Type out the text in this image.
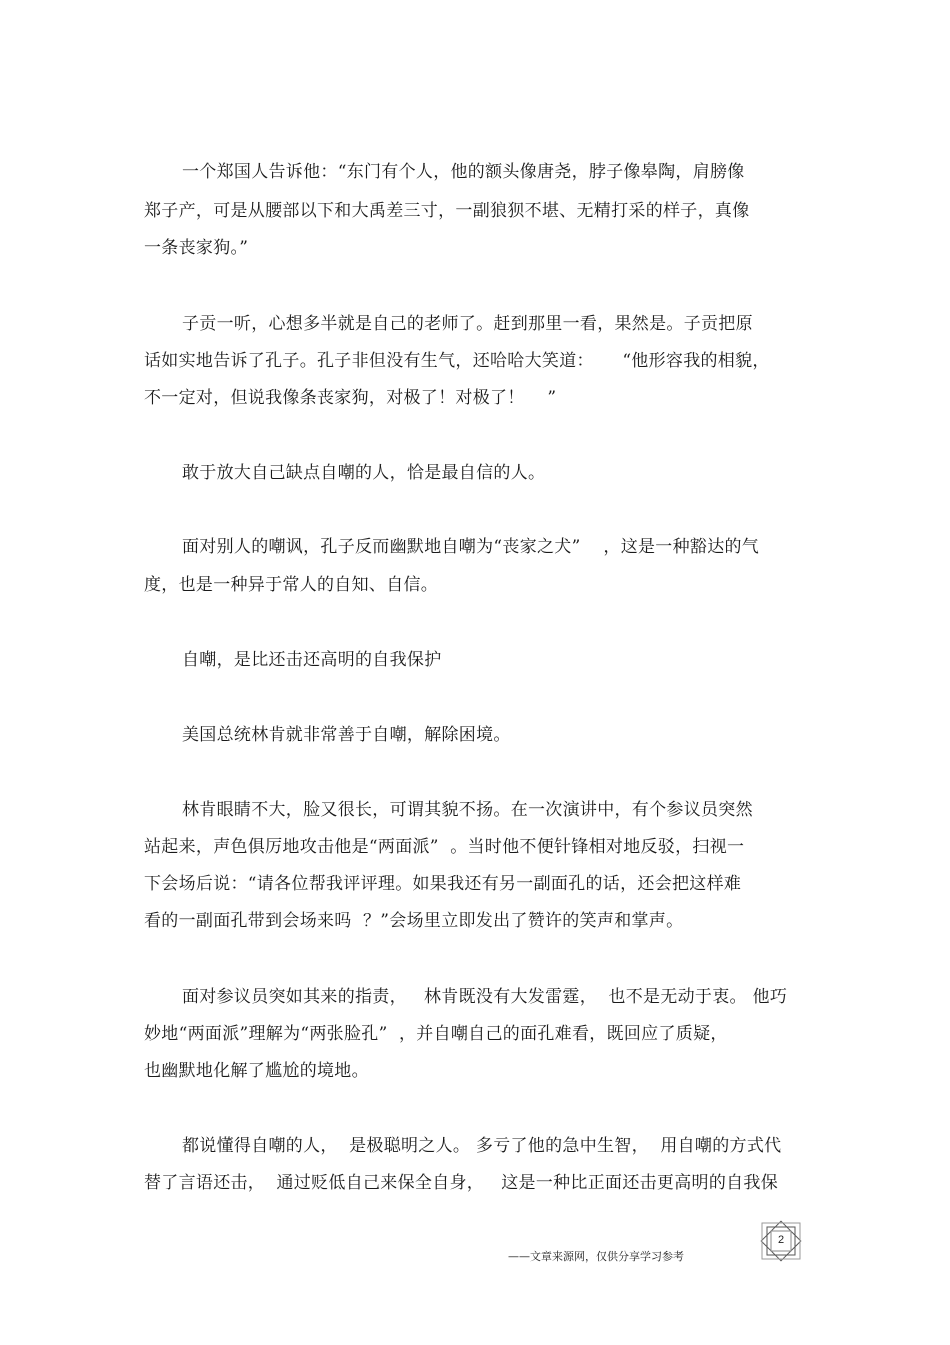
一个郑国人告诉他：“东门有个人，他的额头像唐尧，脖子像皋陶，肩膀像
郑子产，可是从腰部以下和大禹差三寸，一副狼狈不堪、无精打采的样子，真像
一条丧家狗。”
子贡一听，心想多半就是自己的老师了。赶到那里一看，果然是。子贡把原
话如实地告诉了孔子。孔子非但没有生气，还哈哈大笑道：     “他形容我的相貌，
不一定对，但说我像条丧家狗，对极了！对极了！    ”
敢于放大自己缺点自嘲的人，恰是最自信的人。
面对别人的嘲讽，孔子反而幽默地自嘲为“丧家之犬”    ，这是一种豁达的气
度，也是一种异于常人的自知、自信。
自嘲，是比还击还高明的自我保护
美国总统林肯就非常善于自嘲，解除困境。
林肯眼睛不大，脸又很长，可谓其貌不扬。在一次演讲中，有个参议员突然
站起来，声色俱厉地攻击他是“两面派”  。当时他不便针锋相对地反驳，扫视一
下会场后说：“请各位帮我评评理。如果我还有另一副面孔的话，还会把这样难
看的一副面孔带到会场来吗  ？”会场里立即发出了赞许的笑声和掌声。
面对参议员突如其来的指责，   林肯既没有大发雷霆，  也不是无动于衷。 他巧
妙地“两面派”理解为“两张脸孔”  ，并自嘲自己的面孔难看，既回应了质疑，
也幽默地化解了尴尬的境地。
都说懂得自嘲的人，  是极聪明之人。 多亏了他的急中生智，  用自嘲的方式代
替了言语还击，  通过贬低自己来保全自身，   这是一种比正面还击更高明的自我保
——文章来源网，仅供分享学习参考
2
